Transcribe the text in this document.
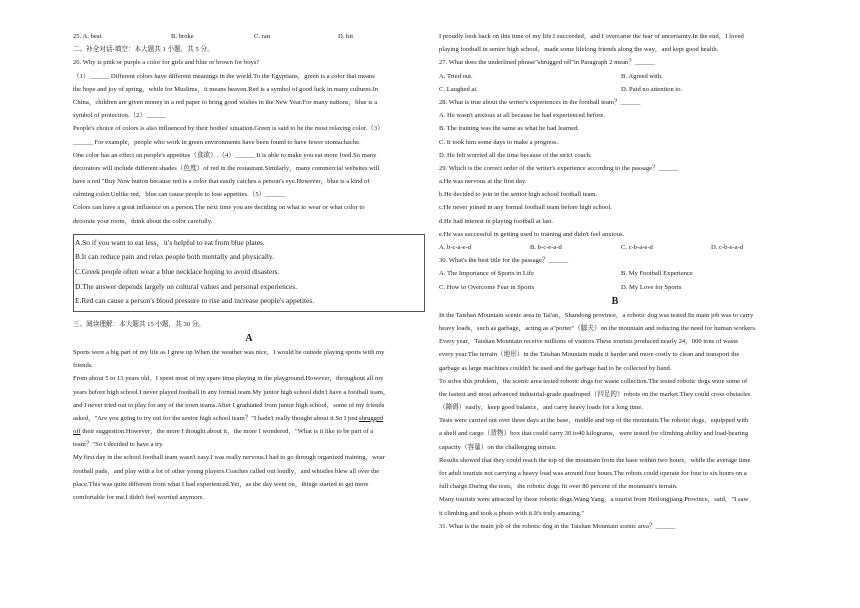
25. A. beat	B. broke	C. ran	D. hit
二、补全对话-填空：本大题共 1 小题，共 5 分。
26. Why is pink or purple a color for girls and blue or brown for boys?
（1）______ Different colors have different meanings in the world.To the Egyptians，green is a color that means
the hope and joy of spring，while for Muslims，it means heaven.Red is a symbol of good luck in many cultures.In
China，children are given money in a red paper to bring good wishes in the New Year.For many nations，blue is a
symbol of protection.（2）______
People's choice of colors is also influenced by their bodies' situation.Green is said to be the most relaxing color.（3）
______ For example，people who work in green environments have been found to have fewer stomachache.
One color has an effect on people's appetites（食欲）.（4）______ It is able to make you eat more food.So many
decorators will include different shades（色度）of red in the restaurant.Similarly，many commercial websites will
have a red "Buy Now button because red is a color that easily catches a person's eye.However，blue is a kind of
calming color.Unlike red，blue can cause people to lose appetites.（5）______
Colors can have a great influence on a person.The next time you are deciding on what to wear or what color to
decorate your room，think about the color carefully.
A.So if you want to eat less，it's helpful to eat from blue plates.
B.It can reduce pain and relax people both mentally and physically.
C.Greek people often wear a blue necklace hoping to avoid disasters.
D.The answer depends largely on cultural values and personal experiences.
E.Red can cause a person's blood pressure to rise and increase people's appetites.
三、阅读理解：本大题共 15 小题，共 30 分。
A
Sports were a big part of my life as I grew up.When the weather was nice，I would be outside playing sports with my
friends.
From about 5 to 13 years old，I spent most of my spare time playing in the playground.However，throughout all my
years before high school.I never played football in any formal team.My junior high school didn't have a football team，
and I never tried out to play for any of the town teams.After I graduated from junior high school，some of my friends
asked，"Are you going to try out for the senior high school team？"I hadn't really thought about it.So I just shrugged
off their suggestion.However，the more I thought about it，the more I wondered，"What is it like to be part of a
team？"So I decided to have a try.
My first day in the school football team wasn't easy.I was really nervous.I had to go through organized training，wear
football pads，and play with a lot of other young players.Coaches called out loudly，and whistles blew all over the
place.This was quite different from what I had experienced.Yet，as the day went on，things started to get more
comfortable for me.I didn't feel worried anymore.
I proudly look back on this time of my life.I succeeded，and I overcame the fear of uncertainty.In the end，I loved
playing football in senior high school，made some lifelong friends along the way，and kept good health.
27. What does the underlined phrase"shrugged off"in Paragraph 2 mean？______
A. Tried out.	B. Agreed with.
C. Laughed at.	D. Paid no attention to.
28. What is true about the writer's experiences in the football team？______
A. He wasn't anxious at all because he had experienced before.
B. The training was the same as what he had learned.
C. It took him some days to make a progress.
D. He felt worried all the time because of the strict coach.
29. Which is the correct order of the writer's experience according to the passage？______
a.He was nervous at the first day.
b.He decided to join in the senior high school football team.
c.He never joined in any formal football team before high school.
d.He had interest in playing football at last.
e.He was successful in getting used to training and didn't feel anxious.
A. b-c-a-e-d	B. b-c-e-a-d	C. c-b-a-e-d	D. c-b-e-a-d
30. What's the best title for the passage？______
A. The Importance of Sports in Life	B. My Football Experience
C. How to Overcome Fear in Sports	D. My Love for Sports
B
In the Taishan Mountain scenic area in Tai'an，Shandong province，a robotic dog was tested.Its main job was to carry
heavy loads，such as garbage，acting as a"porter"（脚夫）on the mountain and reducing the need for human workers.
Every year，Taishan Mountain receive millions of visitors.These tourists produced nearly 24，000 tons of waste
every year.The terrain（地形）in the Taishan Mountain made it harder and more costly to clean and transport the
garbage as large machines couldn't be used and the garbage had to be collected by hand.
To solve this problem，the scenic area tested robotic dogs for waste collection.The tested robotic dogs were some of
the fastest and most advanced industrial-grade quadruped（四足的）robots on the market.They could cross obstacles
（障碍）easily，keep good balance，and carry heavy loads for a long time.
Tests were carried out over three days at the base，middle and top of the mountain.The robotic dogs，equipped with
a shelf and cargo（货物）box that could carry 30 to40 kilograms，were tested for climbing ability and load-bearing
capacity（容量）on the challenging terrain.
Results showed that they could reach the top of the mountain from the base within two hours，while the average time
for adult tourists not carrying a heavy load was around four hours.The robots could operate for four to six hours on a
full charge.During the tests，the robotic dogs fit over 80 percent of the mountain's terrain.
Many tourists were attracted by these robotic dogs.Wang Yang，a tourist from Heilongjiang Province，said，"I saw
it climbing and took a photo with it.It's truly amazing."
31. What is the main job of the robotic dog in the Taishan Mountain scenic area？______
